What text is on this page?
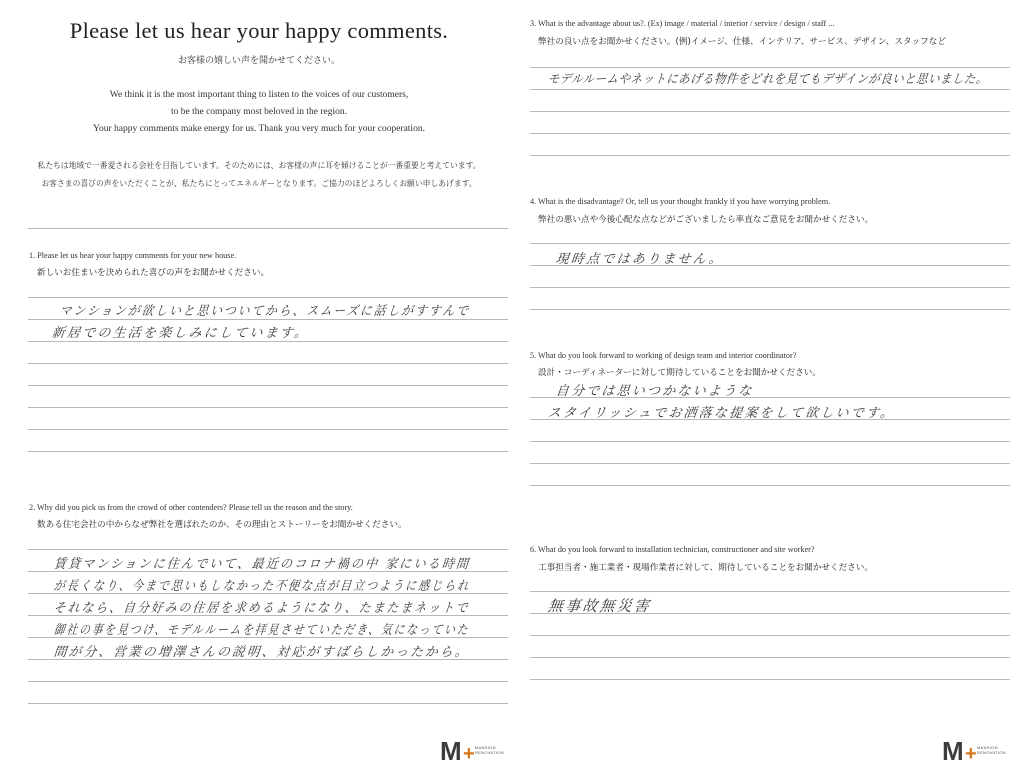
Please let us hear your happy comments.
お客様の嬉しい声を聞かせてください。
We think it is the most important thing to listen to the voices of our customers,
to be the company most beloved in the region.
Your happy comments make energy for us. Thank you very much for your cooperation.
私たちは地域で一番愛される会社を目指しています。そのためには、お客様の声に耳を傾けることが一番重要と考えています。
お客さまの喜びの声をいただくことが、私たちにとってエネルギーとなります。ご協力のほどよろしくお願い申しあげます。
1. Please let us hear your happy comments for your new house.
新しいお住まいを決められた喜びの声をお聞かせください。
マンションが欲しいと思いついてから、スムーズに話しがすすんで
新居での生活を楽しみにしています。
2. Why did you pick us from the crowd of other contenders? Please tell us the reason and the story.
数ある住宅会社の中からなぜ弊社を選ばれたのか、その理由とストーリーをお聞かせください。
賃貸マンションに住んでいて、最近のコロナ禍の中 家にいる時間
が長くなり、今まで思いもしなかった不便な点が目立つように感じられ
それなら、自分好みの住居を求めるようになり、たまたまネットで
御社の事を見つけ、モデルルームを拝見させていただき、気になっていた
間が分、営業の増澤さんの説明、対応がすばらしかったから。
M + MANSION
RENOVATION
3. What is the advantage about us?. (Ex) image / material / interior / service / design / staff ...
弊社の良い点をお聞かせください。(例)イメージ、仕様、インテリア、サービス、デザイン、スタッフなど
モデルルームやネットにあげる物件をどれを見てもデザインが良いと思いました。
4. What is the disadvantage? Or, tell us your thought frankly if you have worrying problem.
弊社の悪い点や今後心配な点などがございましたら率直なご意見をお聞かせください。
現時点ではありません。
5. What do you look forward to working of design team and interior coordinator?
設計・コーディネーターに対して期待していることをお聞かせください。
自分では思いつかないような
スタイリッシュでお洒落な提案をして欲しいです。
6. What do you look forward to installation technician, constructioner and site worker?
工事担当者・施工業者・現場作業者に対して、期待していることをお聞かせください。
無事故無災害
M + MANSION
RENOVATION
